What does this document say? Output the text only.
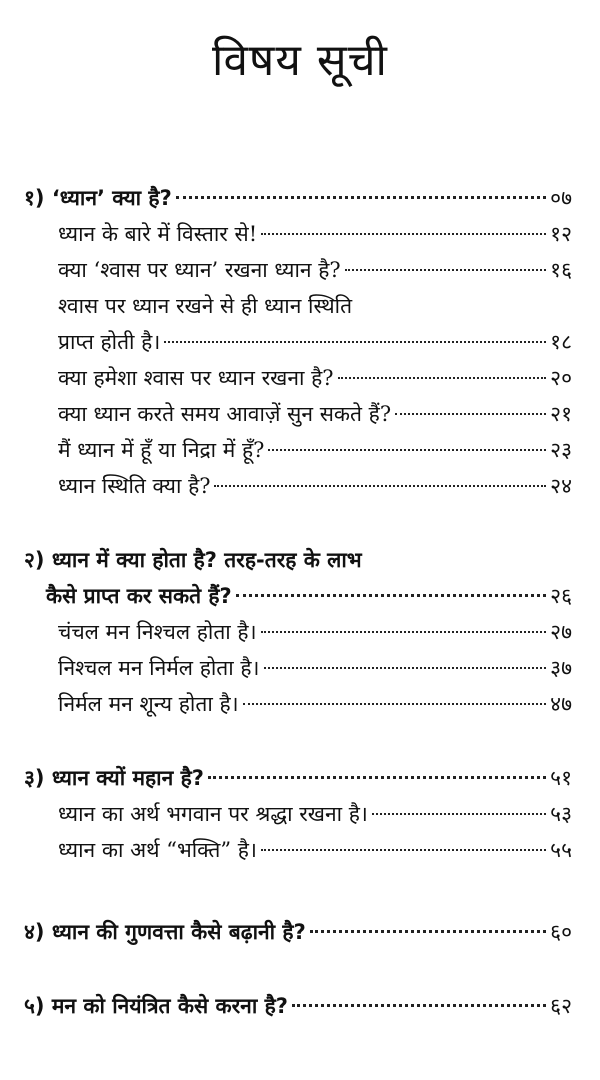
विषय सूची
१) ‘ध्यान’ क्या है?	०७
ध्यान के बारे में विस्तार से!	१२
क्या ‘श्वास पर ध्यान’ रखना ध्यान है?	१६
श्वास पर ध्यान रखने से ही ध्यान स्थिति
प्राप्त होती है।	१८
क्या हमेशा श्वास पर ध्यान रखना है?	२०
क्या ध्यान करते समय आवाज़ें सुन सकते हैं?	२१
मैं ध्यान में हूँ या निद्रा में हूँ?	२३
ध्यान स्थिति क्या है?	२४
२) ध्यान में क्या होता है? तरह-तरह के लाभ
कैसे प्राप्त कर सकते हैं?	२६
चंचल मन निश्चल होता है।	२७
निश्चल मन निर्मल होता है।	३७
निर्मल मन शून्य होता है।	४७
३) ध्यान क्यों महान है?	५१
ध्यान का अर्थ भगवान पर श्रद्धा रखना है।	५३
ध्यान का अर्थ “भक्ति” है।	५५
४) ध्यान की गुणवत्ता कैसे बढ़ानी है?	६०
५) मन को नियंत्रित कैसे करना है?	६२
